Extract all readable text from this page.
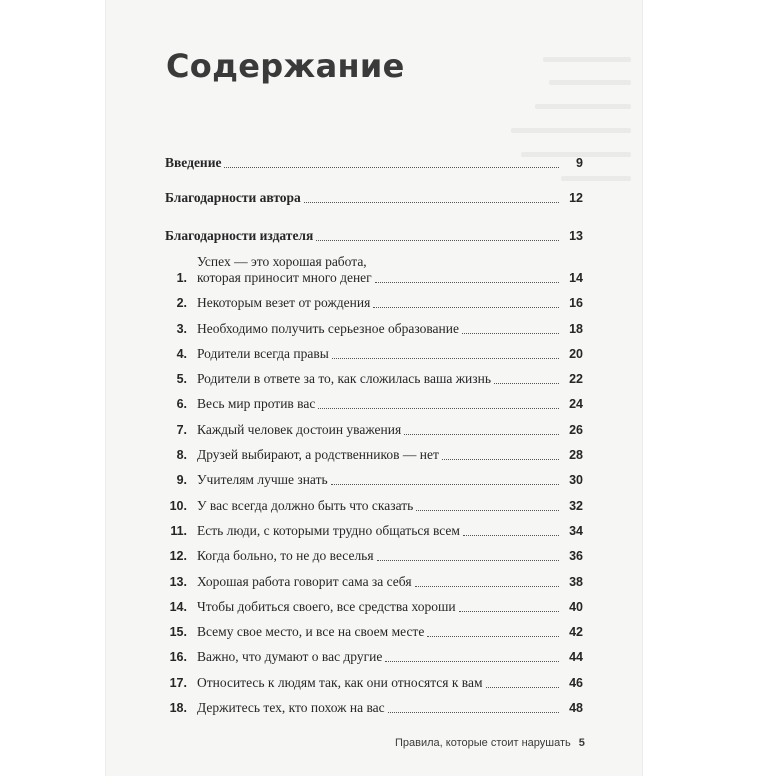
Содержание
Введение	9
Благодарности автора	12
Благодарности издателя	13
1.
Успех — это хорошая работа,
которая приносит много денег	14
2. Некоторым везет от рождения	16
3. Необходимо получить серьезное образование	18
4. Родители всегда правы	20
5. Родители в ответе за то, как сложилась ваша жизнь	22
6. Весь мир против вас	24
7. Каждый человек достоин уважения	26
8. Друзей выбирают, а родственников — нет	28
9. Учителям лучше знать	30
10. У вас всегда должно быть что сказать	32
11. Есть люди, с которыми трудно общаться всем	34
12. Когда больно, то не до веселья	36
13. Хорошая работа говорит сама за себя	38
14. Чтобы добиться своего, все средства хороши	40
15. Всему свое место, и все на своем месте	42
16. Важно, что думают о вас другие	44
17. Относитесь к людям так, как они относятся к вам	46
18. Держитесь тех, кто похож на вас	48
Правила, которые стоит нарушать 5
